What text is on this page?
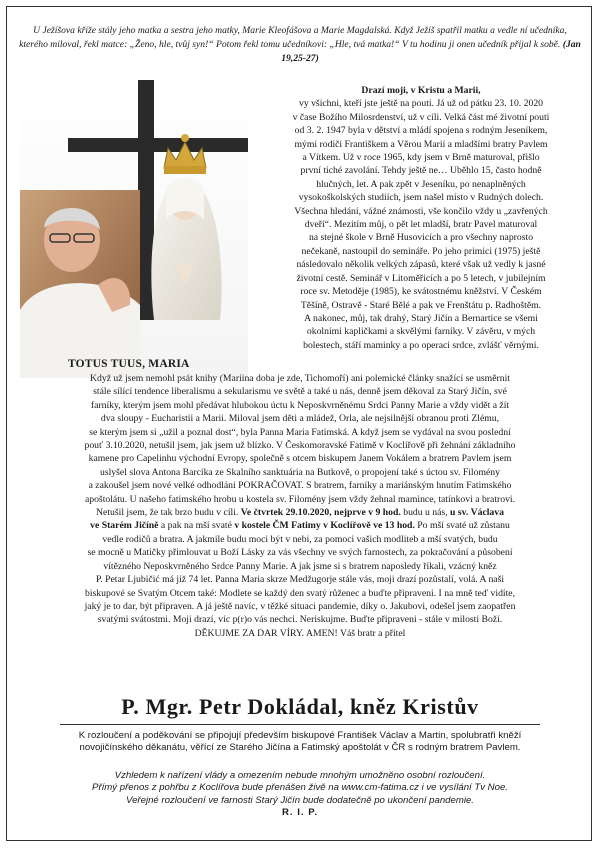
U Ježíšova kříže stály jeho matka a sestra jeho matky, Marie Kleofášova a Marie Magdalská. Když Ježíš spatřil matku a vedle ní učedníka, kterého miloval, řekl matce: „Ženo, hle, tvůj syn!“ Potom řekl tomu učedníkovi: „Hle, tvá matka!“ V tu hodinu ji onen učedník přijal k sobě. (Jan 19,25-27)
TOTUS TUUS, MARIA

Drazí moji, v Kristu a Marii,

vy všichni, kteří jste ještě na pouti. Já už od pátku 23. 10. 2020

v čase Božího Milosrdenství, už v cíli. Velká část mé životní pouti

od 3. 2. 1947 byla v dětství a mládí spojena s rodným Jeseníkem,

mými rodiči Františkem a Věrou Marií a mladšími bratry Pavlem

a Vítkem. Už v roce 1965, kdy jsem v Brně maturoval, přišlo

první tiché zavolání. Tehdy ještě ne… Uběhlo 15, často hodně

hlučných, let. A pak zpět v Jeseníku, po nenaplněných

vysokoškolských studiích, jsem našel místo v Rudných dolech.

Všechna hledání, vážné známosti, vše končilo vždy u „zavřených

dveří“. Mezitím můj, o pět let mladší, bratr Pavel maturoval

na stejné škole v Brně Husovicích a pro všechny naprosto

nečekaně, nastoupil do semináře. Po jeho primici (1975) ještě

následovalo několik velkých zápasů, které však už vedly k jasné

životní cestě. Seminář v Litoměřicích a po 5 letech, v jubilejním

roce sv. Metoděje (1985), ke svátostnému kněžství. V Českém

Těšíně, Ostravě - Staré Bělé a pak ve Frenštátu p. Radhoštěm.

A nakonec, můj, tak drahý, Starý Jičín a Bernartice se všemi

okolními kapličkami a skvělými farníky. V závěru, v mých

bolestech, stáří maminky a po operaci srdce, zvlášť věrnými.

Když už jsem nemohl psát knihy (Mariina doba je zde, Tichomoří) ani polemické články snažící se usměrnit

stále sílící tendence liberalismu a sekularismu ve světě a také u nás, denně jsem děkoval za Starý Jičín, své

farníky, kterým jsem mohl předávat hlubokou úctu k Neposkvrněnému Srdci Panny Marie a vždy vidět a žít

dva sloupy - Eucharistii a Marii. Miloval jsem děti a mládež, Orla, ale nejsilnější obranou proti Zlému,

se kterým jsem si „užil a poznal dost“, byla Panna Maria Fatimská. A když jsem se vydával na svou poslední

pouť 3.10.2020, netušil jsem, jak jsem už blízko. V Českomoravské Fatimě v Koclířově při žehnání základního

kamene pro Capelinhu východní Evropy, společně s otcem biskupem Janem Vokálem a bratrem Pavlem jsem

uslyšel slova Antona Barcíka ze Skalního sanktuária na Butkově, o propojení také s úctou sv. Filomény

a zakoušel jsem nové velké odhodlání POKRAČOVAT. S bratrem, farníky a mariánským hnutím Fatimského

apoštolátu. U našeho fatimského hrobu u kostela sv. Filomény jsem vždy žehnal mamince, tatínkovi a bratrovi.

Netušil jsem, že tak brzo budu v cíli. Ve čtvrtek 29.10.2020, nejprve v 9 hod. budu u nás, u sv. Václava

ve Starém Jičíně a pak na mší svaté v kostele ČM Fatimy v Koclířově ve 13 hod. Po mší svaté už zůstanu

vedle rodičů a bratra. A jakmile budu moci být v nebi, za pomoci vašich modliteb a mší svatých, budu

se mocně u Matičky přimlouvat u Boží Lásky za vás všechny ve svých farnostech, za pokračování a působení

vítězného Neposkvrněného Srdce Panny Marie. A jak jsme si s bratrem naposledy říkali, vzácný kněz

P. Petar Ljubičić má již 74 let. Panna Maria skrze Medžugorje stále vás, moji drazí pozůstalí, volá. A naši

biskupové se Svatým Otcem také: Modlete se každý den svatý růženec a buďte připraveni. I na mně teď vidíte,

jaký je to dar, být připraven. A já ještě navíc, v těžké situaci pandemie, díky o. Jakubovi, odešel jsem zaopatřen

svatými svátostmi. Moji drazí, víc p(r)o vás nechci. Neriskujme. Buďte připraveni - stále v milosti Boží.

DĚKUJME ZA DAR VÍRY. AMEN! Váš bratr a přítel

P. Mgr. Petr Dokládal, kněz Kristův
K rozloučení a poděkování se připojují především biskupové František Václav a Martin, spolubratři kněží
novojičínského děkanátu, věřící ze Starého Jičína a Fatimský apoštolát v ČR s rodným bratrem Pavlem.
Vzhledem k nařízení vlády a omezením nebude mnohým umožněno osobní rozloučení.
Přímý přenos z pohřbu z Koclířova bude přenášen živě na www.cm-fatima.cz i ve vysílání Tv Noe.
Veřejné rozloučení ve farnosti Starý Jičín bude dodatečně po ukončení pandemie.
R. I. P.
